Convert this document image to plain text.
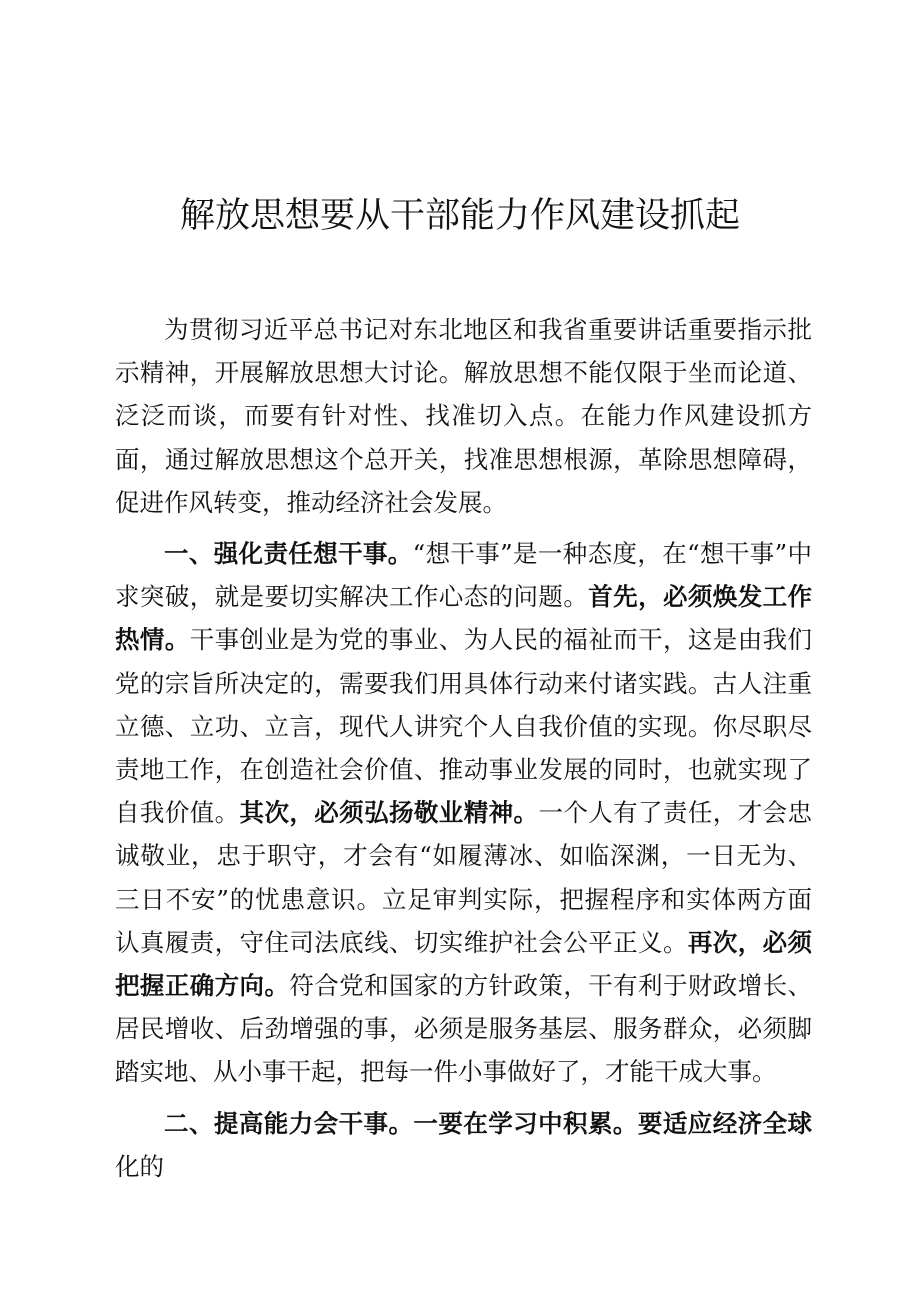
解放思想要从干部能力作风建设抓起

为贯彻习近平总书记对东北地区和我省重要讲话重要指示批示精神，开展解放思想大讨论。解放思想不能仅限于坐而论道、泛泛而谈，而要有针对性、找准切入点。在能力作风建设抓方面，通过解放思想这个总开关，找准思想根源，革除思想障碍，促进作风转变，推动经济社会发展。

一、强化责任想干事。“想干事”是一种态度，在“想干事”中求突破，就是要切实解决工作心态的问题。首先，必须焕发工作热情。干事创业是为党的事业、为人民的福祉而干，这是由我们党的宗旨所决定的，需要我们用具体行动来付诸实践。古人注重立德、立功、立言，现代人讲究个人自我价值的实现。你尽职尽责地工作，在创造社会价值、推动事业发展的同时，也就实现了自我价值。其次，必须弘扬敬业精神。一个人有了责任，才会忠诚敬业，忠于职守，才会有“如履薄冰、如临深渊，一日无为、三日不安”的忧患意识。立足审判实际，把握程序和实体两方面认真履责，守住司法底线、切实维护社会公平正义。再次，必须把握正确方向。符合党和国家的方针政策，干有利于财政增长、居民增收、后劲增强的事，必须是服务基层、服务群众，必须脚踏实地、从小事干起，把每一件小事做好了，才能干成大事。

二、提高能力会干事。一要在学习中积累。要适应经济全球化的
